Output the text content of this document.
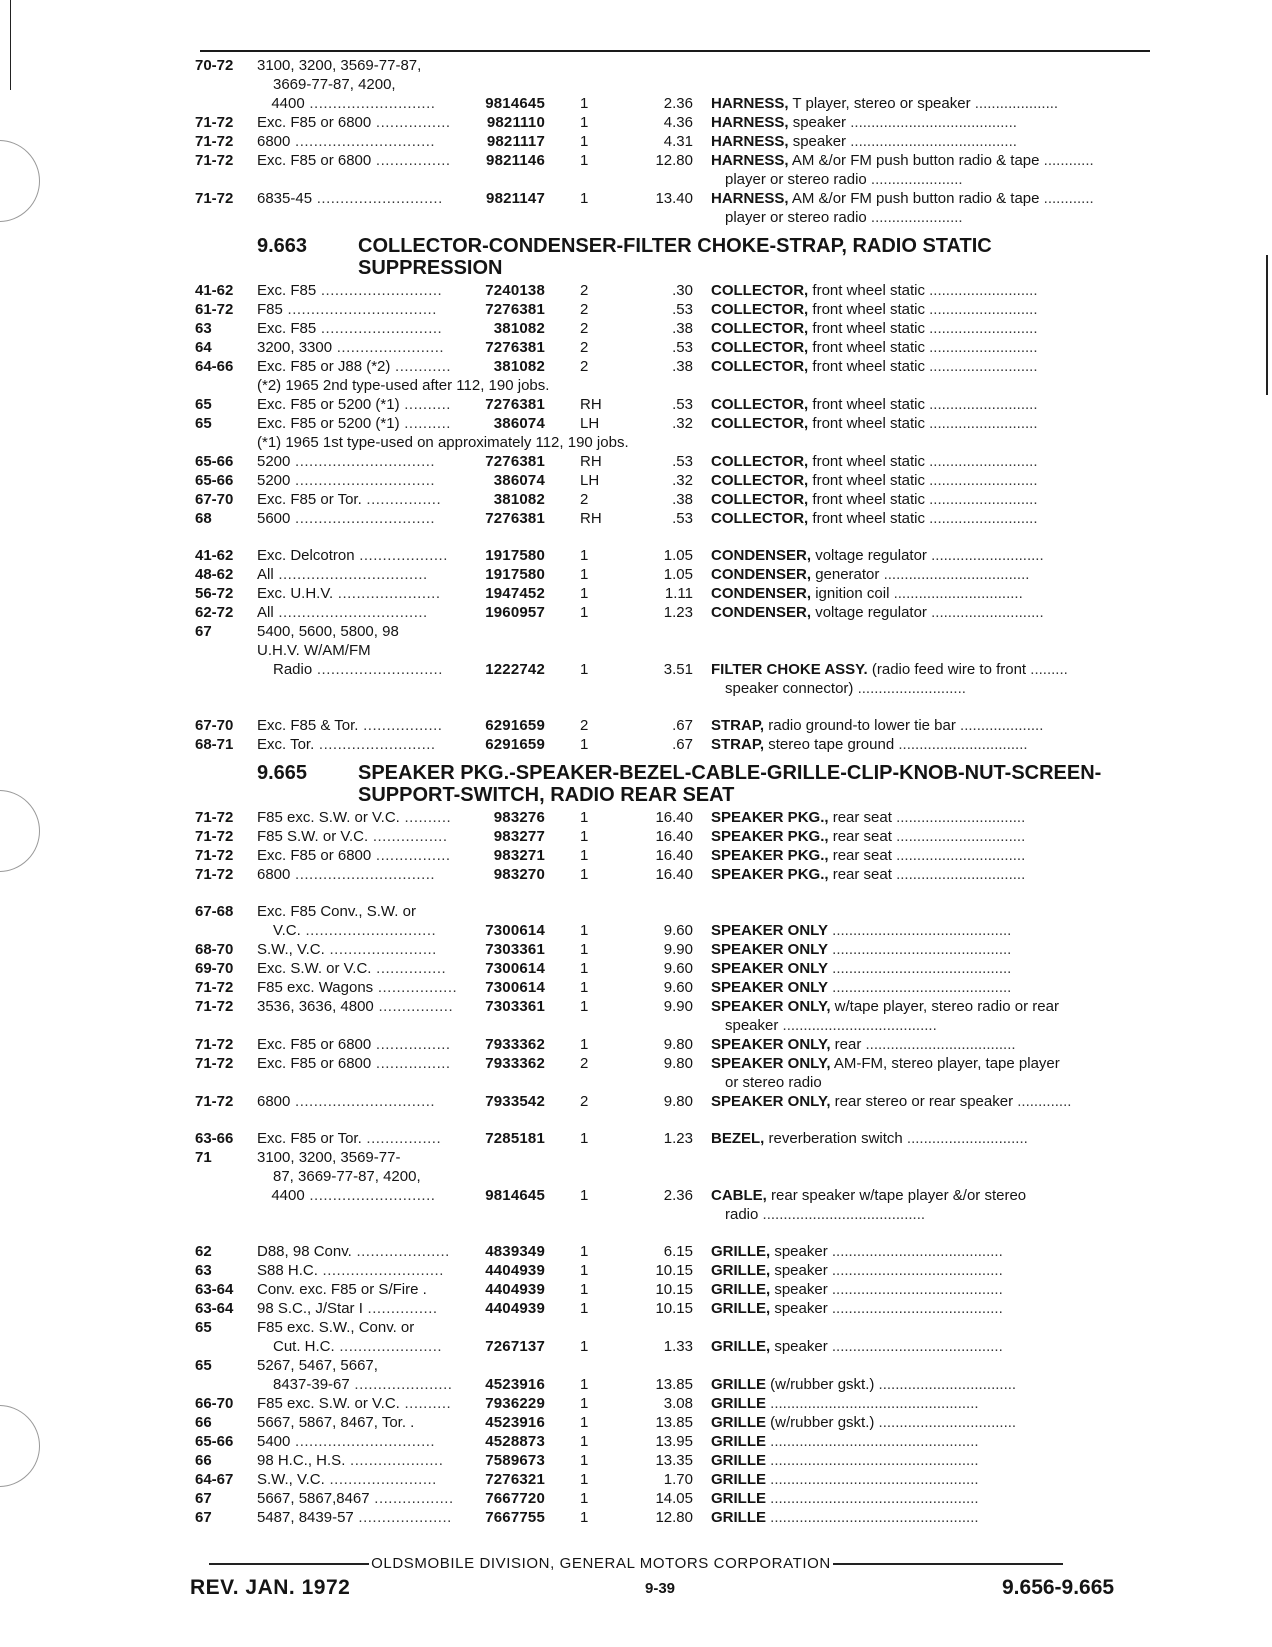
70-72 3100, 3200, 3569-77-87,
3669-77-87, 4200,
4400 ...........................	9814645 1	2.36 HARNESS, T player, stereo or speaker ....................
71-72 Exc. F85 or 6800 ................	9821110 1	4.36 HARNESS, speaker ........................................
71-72 6800 ..............................	9821117 1	4.31 HARNESS, speaker ........................................
71-72 Exc. F85 or 6800 ................	9821146 1	12.80 HARNESS, AM &/or FM push button radio & tape ............
player or stereo radio ......................
71-72 6835-45 ...........................	9821147 1	13.40 HARNESS, AM &/or FM push button radio & tape ............
player or stereo radio ......................
9.663	COLLECTOR-CONDENSER-FILTER CHOKE-STRAP, RADIO STATIC
SUPPRESSION
41-62 Exc. F85 ..........................	7240138 2	.30 COLLECTOR, front wheel static ..........................
61-72 F85 ................................	7276381 2	.53 COLLECTOR, front wheel static ..........................
63	Exc. F85 ..........................	381082 2	.38 COLLECTOR, front wheel static ..........................
64	3200, 3300 .......................	7276381 2	.53 COLLECTOR, front wheel static ..........................
64-66 Exc. F85 or J88 (*2) ............	381082 2	.38 COLLECTOR, front wheel static ..........................
(*2) 1965 2nd type-used after 112, 190 jobs.
65	Exc. F85 or 5200 (*1) ..........	7276381 RH	.53 COLLECTOR, front wheel static ..........................
65	Exc. F85 or 5200 (*1) ..........	386074 LH	.32 COLLECTOR, front wheel static ..........................
(*1) 1965 1st type-used on approximately 112, 190 jobs.
65-66 5200 ..............................	7276381 RH	.53 COLLECTOR, front wheel static ..........................
65-66 5200 ..............................	386074 LH	.32 COLLECTOR, front wheel static ..........................
67-70 Exc. F85 or Tor. ................	381082 2	.38 COLLECTOR, front wheel static ..........................
68	5600 ..............................	7276381 RH	.53 COLLECTOR, front wheel static ..........................
41-62 Exc. Delcotron ...................	1917580 1	1.05 CONDENSER, voltage regulator ...........................
48-62 All ................................	1917580 1	1.05 CONDENSER, generator ...................................
56-72 Exc. U.H.V. ......................	1947452 1	1.11 CONDENSER, ignition coil ...............................
62-72 All ................................	1960957 1	1.23 CONDENSER, voltage regulator ...........................
67	5400, 5600, 5800, 98
U.H.V. W/AM/FM
Radio ...........................	1222742 1	3.51 FILTER CHOKE ASSY. (radio feed wire to front .........
speaker connector) ..........................
67-70 Exc. F85 & Tor. .................	6291659 2	.67 STRAP, radio ground-to lower tie bar ....................
68-71 Exc. Tor. .........................	6291659 1	.67 STRAP, stereo tape ground ...............................
9.665	SPEAKER PKG.-SPEAKER-BEZEL-CABLE-GRILLE-CLIP-KNOB-NUT-SCREEN-
SUPPORT-SWITCH, RADIO REAR SEAT
71-72 F85 exc. S.W. or V.C. ..........	983276 1	16.40 SPEAKER PKG., rear seat ...............................
71-72 F85 S.W. or V.C. ................	983277 1	16.40 SPEAKER PKG., rear seat ...............................
71-72 Exc. F85 or 6800 ................	983271 1	16.40 SPEAKER PKG., rear seat ...............................
71-72 6800 ..............................	983270 1	16.40 SPEAKER PKG., rear seat ...............................
67-68 Exc. F85 Conv., S.W. or
V.C. ............................	7300614 1	9.60 SPEAKER ONLY ...........................................
68-70 S.W., V.C. .......................	7303361 1	9.90 SPEAKER ONLY ...........................................
69-70 Exc. S.W. or V.C. ...............	7300614 1	9.60 SPEAKER ONLY ...........................................
71-72 F85 exc. Wagons .................	7300614 1	9.60 SPEAKER ONLY ...........................................
71-72 3536, 3636, 4800 ................	7303361 1	9.90 SPEAKER ONLY, w/tape player, stereo radio or rear
speaker .....................................
71-72 Exc. F85 or 6800 ................	7933362 1	9.80 SPEAKER ONLY, rear ....................................
71-72 Exc. F85 or 6800 ................	7933362 2	9.80 SPEAKER ONLY, AM-FM, stereo player, tape player
or stereo radio
71-72 6800 ..............................	7933542 2	9.80 SPEAKER ONLY, rear stereo or rear speaker .............
63-66 Exc. F85 or Tor. ................	7285181 1	1.23 BEZEL, reverberation switch .............................
71	3100, 3200, 3569-77-
87, 3669-77-87, 4200,
4400 ...........................	9814645 1	2.36 CABLE, rear speaker w/tape player &/or stereo
radio .......................................
62	D88, 98 Conv. ....................	4839349 1	6.15 GRILLE, speaker .........................................
63	S88 H.C. ..........................	4404939 1	10.15 GRILLE, speaker .........................................
63-64 Conv. exc. F85 or S/Fire .	4404939 1	10.15 GRILLE, speaker .........................................
63-64 98 S.C., J/Star I ...............	4404939 1	10.15 GRILLE, speaker .........................................
65	F85 exc. S.W., Conv. or
Cut. H.C. ......................	7267137 1	1.33 GRILLE, speaker .........................................
65	5267, 5467, 5667,
8437-39-67 .....................	4523916 1	13.85 GRILLE (w/rubber gskt.) .................................
66-70 F85 exc. S.W. or V.C. ..........	7936229 1	3.08 GRILLE ..................................................
66	5667, 5867, 8467, Tor. .	4523916 1	13.85 GRILLE (w/rubber gskt.) .................................
65-66 5400 ..............................	4528873 1	13.95 GRILLE ..................................................
66	98 H.C., H.S. ....................	7589673 1	13.35 GRILLE ..................................................
64-67 S.W., V.C. .......................	7276321 1	1.70 GRILLE ..................................................
67	5667, 5867,8467 .................	7667720 1	14.05 GRILLE ..................................................
67	5487, 8439-57 ....................	7667755 1	12.80 GRILLE ..................................................
OLDSMOBILE DIVISION, GENERAL MOTORS CORPORATION
REV. JAN. 1972	9-39	9.656-9.665
